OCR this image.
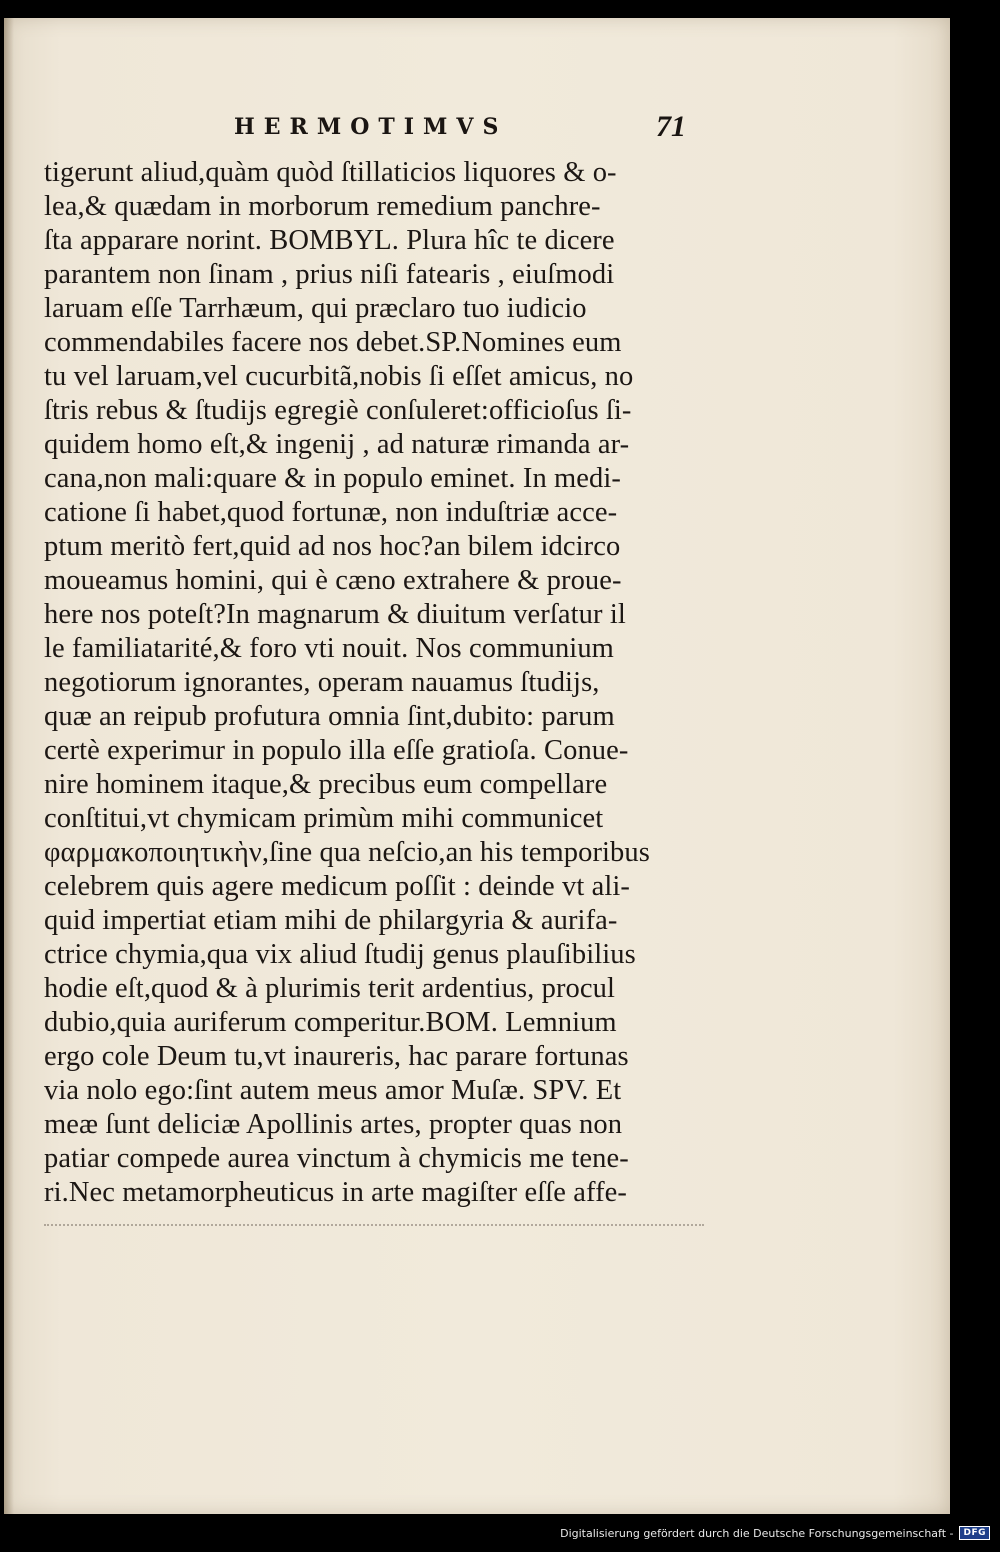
HERMOTIMVS	71
tigerunt aliud,quàm quòd ſtillaticios liquores & o-
lea,& quædam in morborum remedium panchre-
ſta apparare norint. BOMBYL. Plura hîc te dicere
parantem non ſinam , prius niſi fatearis , eiuſmodi
laruam eſſe Tarrhæum, qui præclaro tuo iudicio
commendabiles facere nos debet.SP.Nomines eum
tu vel laruam,vel cucurbitã,nobis ſi eſſet amicus, no
ſtris rebus & ſtudijs egregiè conſuleret:officioſus ſi-
quidem homo eſt,& ingenij , ad naturæ rimanda ar-
cana,non mali:quare & in populo eminet. In medi-
catione ſi habet,quod fortunæ, non induſtriæ acce-
ptum meritò fert,quid ad nos hoc?an bilem idcirco
moueamus homini, qui è cæno extrahere & proue-
here nos poteſt?In magnarum & diuitum verſatur il
le familiatarité,& foro vti nouit. Nos communium
negotiorum ignorantes, operam nauamus ſtudijs,
quæ an reipub profutura omnia ſint,dubito: parum
certè experimur in populo illa eſſe gratioſa. Conue-
nire hominem itaque,& precibus eum compellare
conſtitui,vt chymicam primùm mihi communicet
φαρμακοποιητικὴν,ſine qua neſcio,an his temporibus
celebrem quis agere medicum poſſit : deinde vt ali-
quid impertiat etiam mihi de philargyria & aurifa-
ctrice chymia,qua vix aliud ſtudij genus plauſibilius
hodie eſt,quod & à plurimis terit ardentius, procul
dubio,quia auriferum comperitur.BOM. Lemnium
ergo cole Deum tu,vt inaureris, hac parare fortunas
via nolo ego:ſint autem meus amor Muſæ. SPV. Et
meæ ſunt deliciæ Apollinis artes, propter quas non
patiar compede aurea vinctum à chymicis me tene-
ri.Nec metamorpheuticus in arte magiſter eſſe affe-
Digitalisierung gefördert durch die Deutsche Forschungsgemeinschaft -	DFG
